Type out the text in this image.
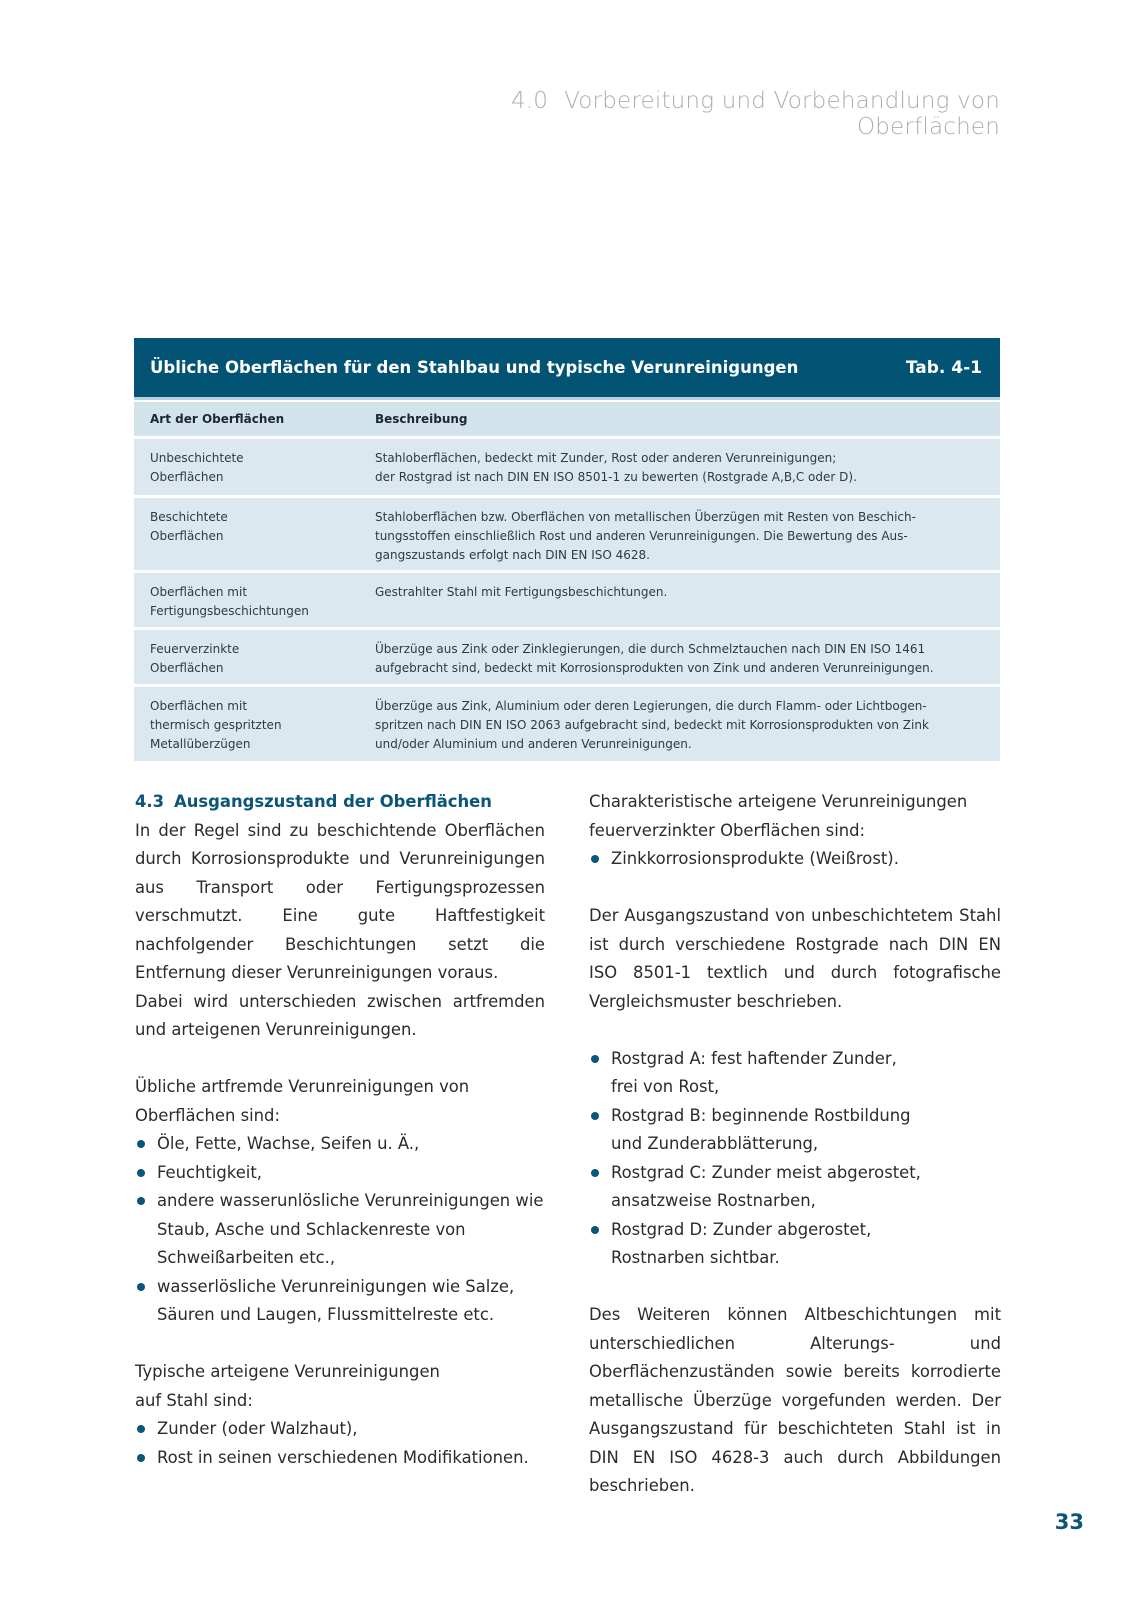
4.0 Vorbereitung und Vorbehandlung von Oberflächen
Übliche Oberflächen für den Stahlbau und typische Verunreinigungen	Tab. 4-1
Art der Oberflächen	Beschreibung
Unbeschichtete
Oberflächen
Stahloberflächen, bedeckt mit Zunder, Rost oder anderen Verunreinigungen;
der Rostgrad ist nach DIN EN ISO 8501-1 zu bewerten (Rostgrade A,B,C oder D).
Beschichtete
Oberflächen
Stahloberflächen bzw. Oberflächen von metallischen Überzügen mit Resten von Beschich-
tungsstoffen einschließlich Rost und anderen Verunreinigungen. Die Bewertung des Aus-
gangszustands erfolgt nach DIN EN ISO 4628.
Oberflächen mit
Fertigungsbeschichtungen
Gestrahlter Stahl mit Fertigungsbeschichtungen.
Feuerverzinkte
Oberflächen
Überzüge aus Zink oder Zinklegierungen, die durch Schmelztauchen nach DIN EN ISO 1461
aufgebracht sind, bedeckt mit Korrosionsprodukten von Zink und anderen Verunreinigungen.
Oberflächen mit
thermisch gespritzten
Metallüberzügen
Überzüge aus Zink, Aluminium oder deren Legierungen, die durch Flamm- oder Lichtbogen-
spritzen nach DIN EN ISO 2063 aufgebracht sind, bedeckt mit Korrosionsprodukten von Zink
und/oder Aluminium und anderen Verunreinigungen.

4.3 Ausgangszustand der Oberflächen

In der Regel sind zu beschichtende Oberflächen durch Korrosionsprodukte und Verunreinigungen aus Transport oder Fertigungsprozessen verschmutzt. Eine gute Haftfestigkeit nachfolgender Beschichtungen setzt die Entfernung dieser Verunreinigungen voraus.

Dabei wird unterschieden zwischen artfremden und arteigenen Verunreinigungen.

Übliche artfremde Verunreinigungen von

Oberflächen sind:

Öle, Fette, Wachse, Seifen u. Ä.,
Feuchtigkeit,
andere wasserunlösliche Verunreinigungen wie Staub, Asche und Schlackenreste von Schweißarbeiten etc.,
wasserlösliche Verunreinigungen wie Salze, Säuren und Laugen, Flussmittelreste etc.

Typische arteigene Verunreinigungen

auf Stahl sind:

Zunder (oder Walzhaut),
Rost in seinen verschiedenen Modifikationen.

Charakteristische arteigene Verunreinigungen

feuerverzinkter Oberflächen sind:

Zinkkorrosionsprodukte (Weißrost).

Der Ausgangszustand von unbeschichtetem Stahl ist durch verschiedene Rostgrade nach DIN EN ISO 8501-1 textlich und durch fotografische Vergleichsmuster beschrieben.

Rostgrad A: fest haftender Zunder,
frei von Rost,
Rostgrad B: beginnende Rostbildung
und Zunderabblätterung,
Rostgrad C: Zunder meist abgerostet,
ansatzweise Rostnarben,
Rostgrad D: Zunder abgerostet,
Rostnarben sichtbar.

Des Weiteren können Altbeschichtungen mit unterschiedlichen Alterungs- und Oberflächenzuständen sowie bereits korrodierte metallische Überzüge vorgefunden werden. Der Ausgangszustand für beschichteten Stahl ist in DIN EN ISO 4628-3 auch durch Abbildungen beschrieben.

33
